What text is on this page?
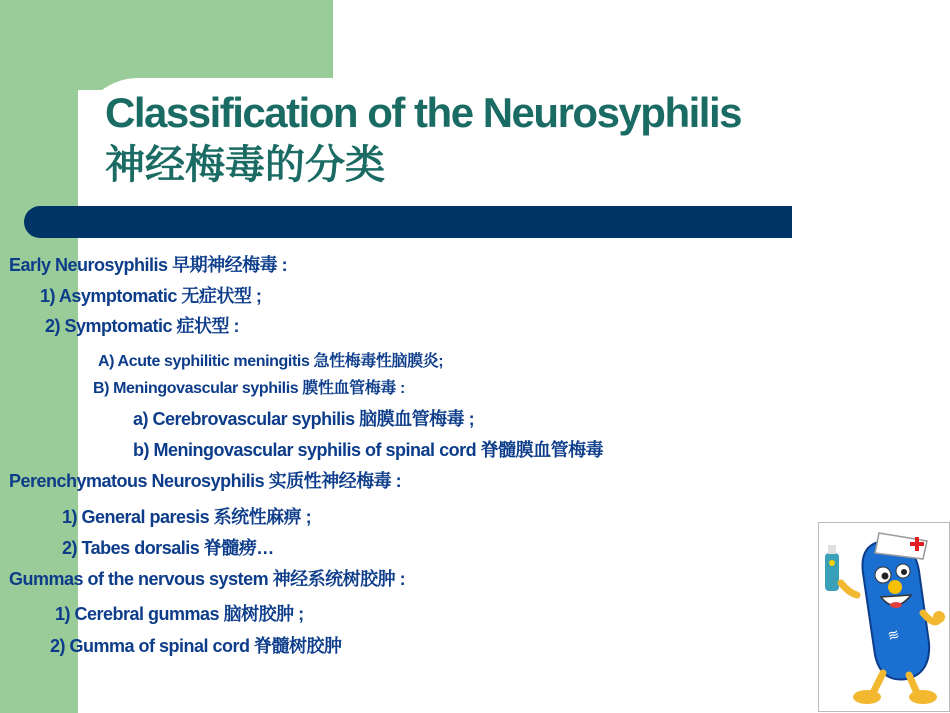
Classification of the Neurosyphilis
神经梅毒的分类
Early Neurosyphilis 早期神经梅毒 :
1) Asymptomatic 无症状型 ;
2) Symptomatic 症状型 :
A) Acute syphilitic meningitis 急性梅毒性脑膜炎;
B) Meningovascular syphilis 膜性血管梅毒 :
a) Cerebrovascular syphilis 脑膜血管梅毒 ;
b) Meningovascular syphilis of spinal cord 脊髓膜血管梅毒
Perenchymatous Neurosyphilis 实质性神经梅毒 :
1) General paresis 系统性麻痹 ;
2) Tabes dorsalis 脊髓痨…
Gummas of the nervous system 神经系统树胶肿 :
1) Cerebral gummas 脑树胶肿 ;
2) Gumma of spinal cord 脊髓树胶肿
≋
